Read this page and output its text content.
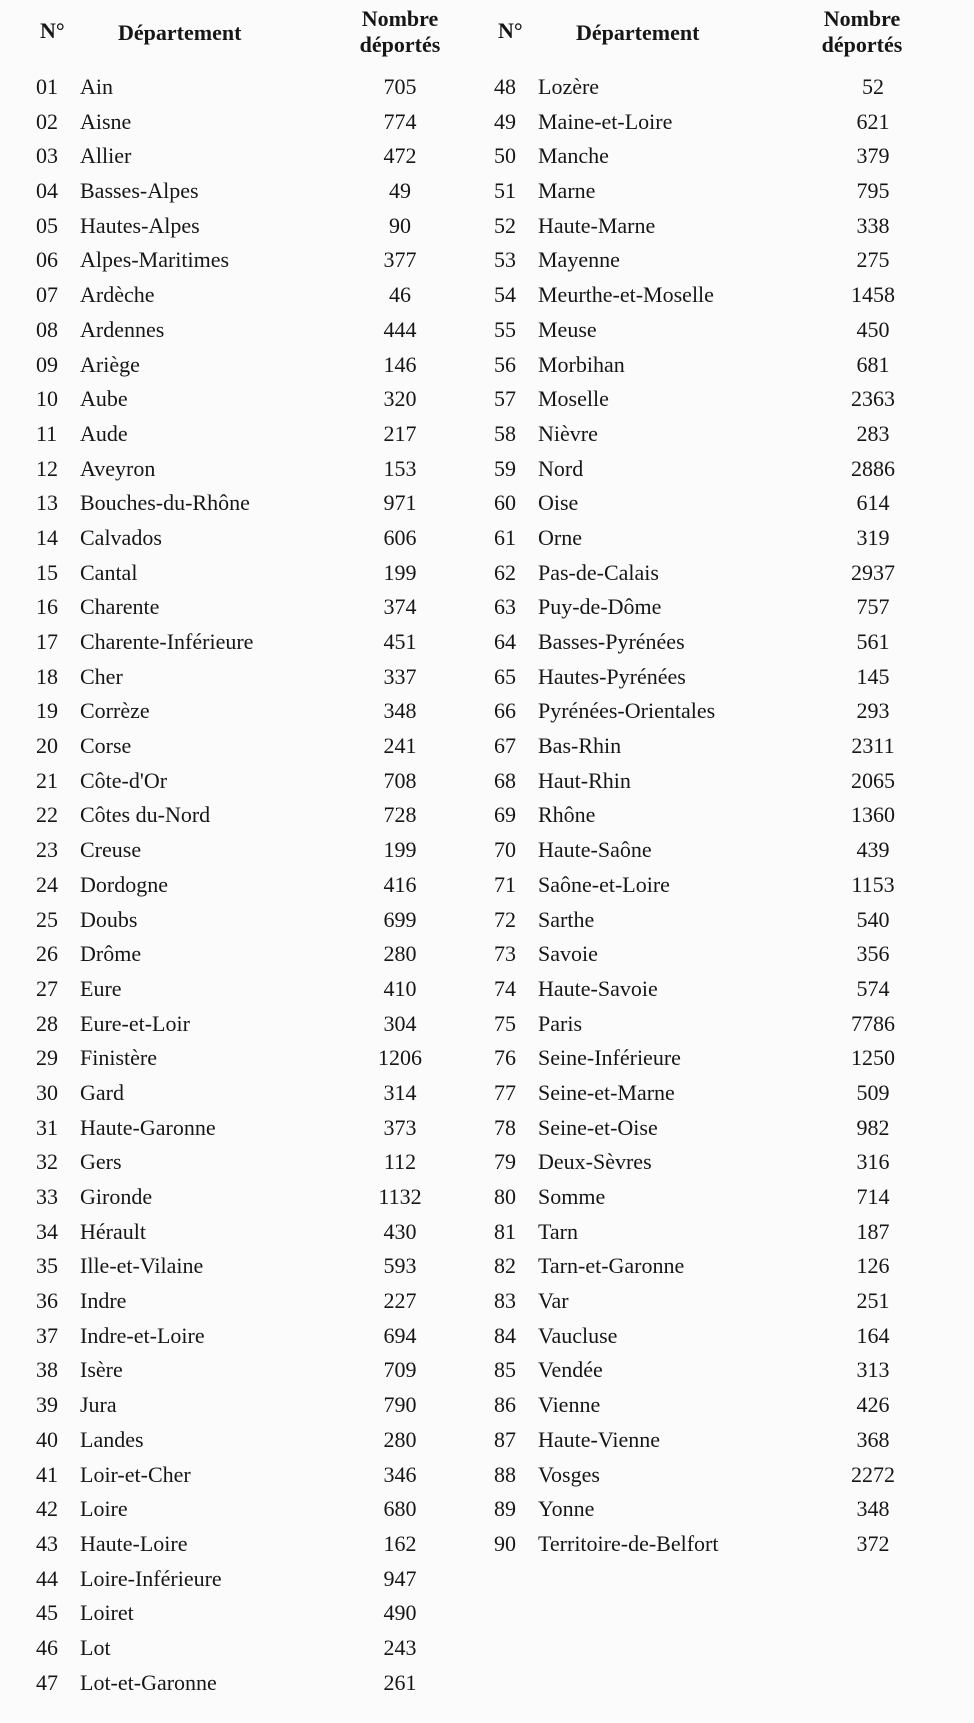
N° Département
Nombre
déportés
01	Ain	705
02	Aisne	774
03	Allier	472
04	Basses-Alpes	49
05	Hautes-Alpes	90
06	Alpes-Maritimes	377
07	Ardèche	46
08	Ardennes	444
09	Ariège	146
10	Aube	320
11	Aude	217
12	Aveyron	153
13	Bouches-du-Rhône	971
14	Calvados	606
15	Cantal	199
16	Charente	374
17	Charente-Inférieure	451
18	Cher	337
19	Corrèze	348
20	Corse	241
21	Côte-d'Or	708
22	Côtes du-Nord	728
23	Creuse	199
24	Dordogne	416
25	Doubs	699
26	Drôme	280
27	Eure	410
28	Eure-et-Loir	304
29	Finistère	1206
30	Gard	314
31	Haute-Garonne	373
32	Gers	112
33	Gironde	1132
34	Hérault	430
35	Ille-et-Vilaine	593
36	Indre	227
37	Indre-et-Loire	694
38	Isère	709
39	Jura	790
40	Landes	280
41	Loir-et-Cher	346
42	Loire	680
43	Haute-Loire	162
44	Loire-Inférieure	947
45	Loiret	490
46	Lot	243
47	Lot-et-Garonne	261
N° Département
Nombre
déportés
48	Lozère	52
49	Maine-et-Loire	621
50	Manche	379
51	Marne	795
52	Haute-Marne	338
53	Mayenne	275
54	Meurthe-et-Moselle	1458
55	Meuse	450
56	Morbihan	681
57	Moselle	2363
58	Nièvre	283
59	Nord	2886
60	Oise	614
61	Orne	319
62	Pas-de-Calais	2937
63	Puy-de-Dôme	757
64	Basses-Pyrénées	561
65	Hautes-Pyrénées	145
66	Pyrénées-Orientales	293
67	Bas-Rhin	2311
68	Haut-Rhin	2065
69	Rhône	1360
70	Haute-Saône	439
71	Saône-et-Loire	1153
72	Sarthe	540
73	Savoie	356
74	Haute-Savoie	574
75	Paris	7786
76	Seine-Inférieure	1250
77	Seine-et-Marne	509
78	Seine-et-Oise	982
79	Deux-Sèvres	316
80	Somme	714
81	Tarn	187
82	Tarn-et-Garonne	126
83	Var	251
84	Vaucluse	164
85	Vendée	313
86	Vienne	426
87	Haute-Vienne	368
88	Vosges	2272
89	Yonne	348
90	Territoire-de-Belfort	372
